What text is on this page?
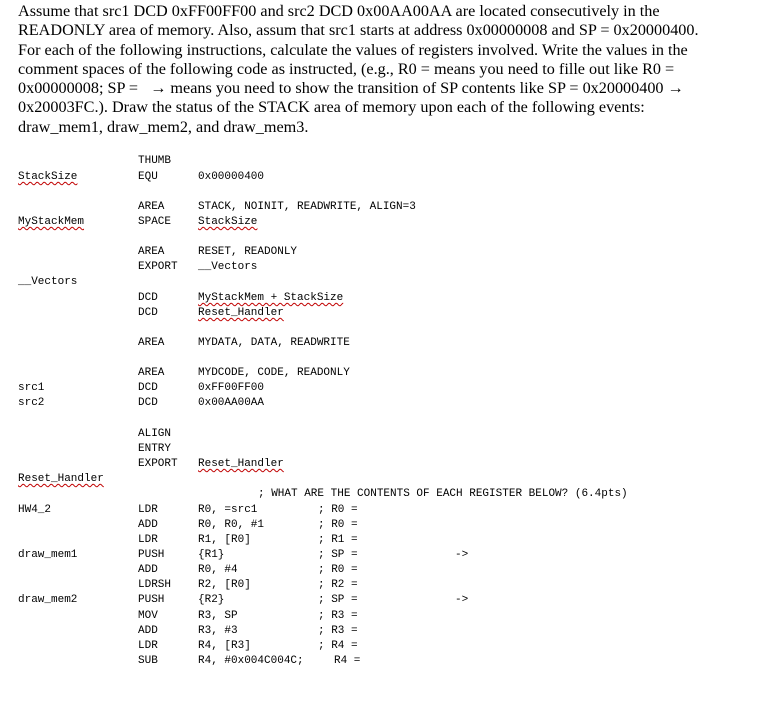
Assume that src1 DCD 0xFF00FF00 and src2 DCD 0x00AA00AA are located consecutively in the

READONLY area of memory. Also, assum that src1 starts at address 0x00000008 and SP = 0x20000400.

For each of the following instructions, calculate the values of registers involved. Write the values in the

comment spaces of the following code as instructed, (e.g., R0 = means you need to fille out like R0 =

0x00000008; SP =   → means you need to show the transition of SP contents like SP = 0x20000400 →

0x20003FC.). Draw the status of the STACK area of memory upon each of the following events:

draw_mem1, draw_mem2, and draw_mem3.

THUMB
StackSize	EQU	0x00000400
AREA	STACK, NOINIT, READWRITE, ALIGN=3
MyStackMem	SPACE StackSize
AREA	RESET, READONLY
EXPORT __Vectors
__Vectors
DCD	MyStackMem + StackSize
DCD	Reset_Handler
AREA	MYDATA, DATA, READWRITE
AREA	MYDCODE, CODE, READONLY
src1	DCD	0xFF00FF00
src2	DCD	0x00AA00AA
ALIGN
ENTRY
EXPORT Reset_Handler
Reset_Handler
; WHAT ARE THE CONTENTS OF EACH REGISTER BELOW? (6.4pts)
HW4_2	LDR	R0, =src1	; R0 =
ADD	R0, R0, #1	; R0 =
LDR	R1, [R0]	; R1 =
draw_mem1	PUSH	{R1}	; SP =	->
ADD	R0, #4	; R0 =
LDRSH R2, [R0]	; R2 =
draw_mem2	PUSH	{R2}	; SP =	->
MOV	R3, SP	; R3 =
ADD	R3, #3	; R3 =
LDR	R4, [R3]	; R4 =
SUB	R4, #0x004C004C;	R4 =
